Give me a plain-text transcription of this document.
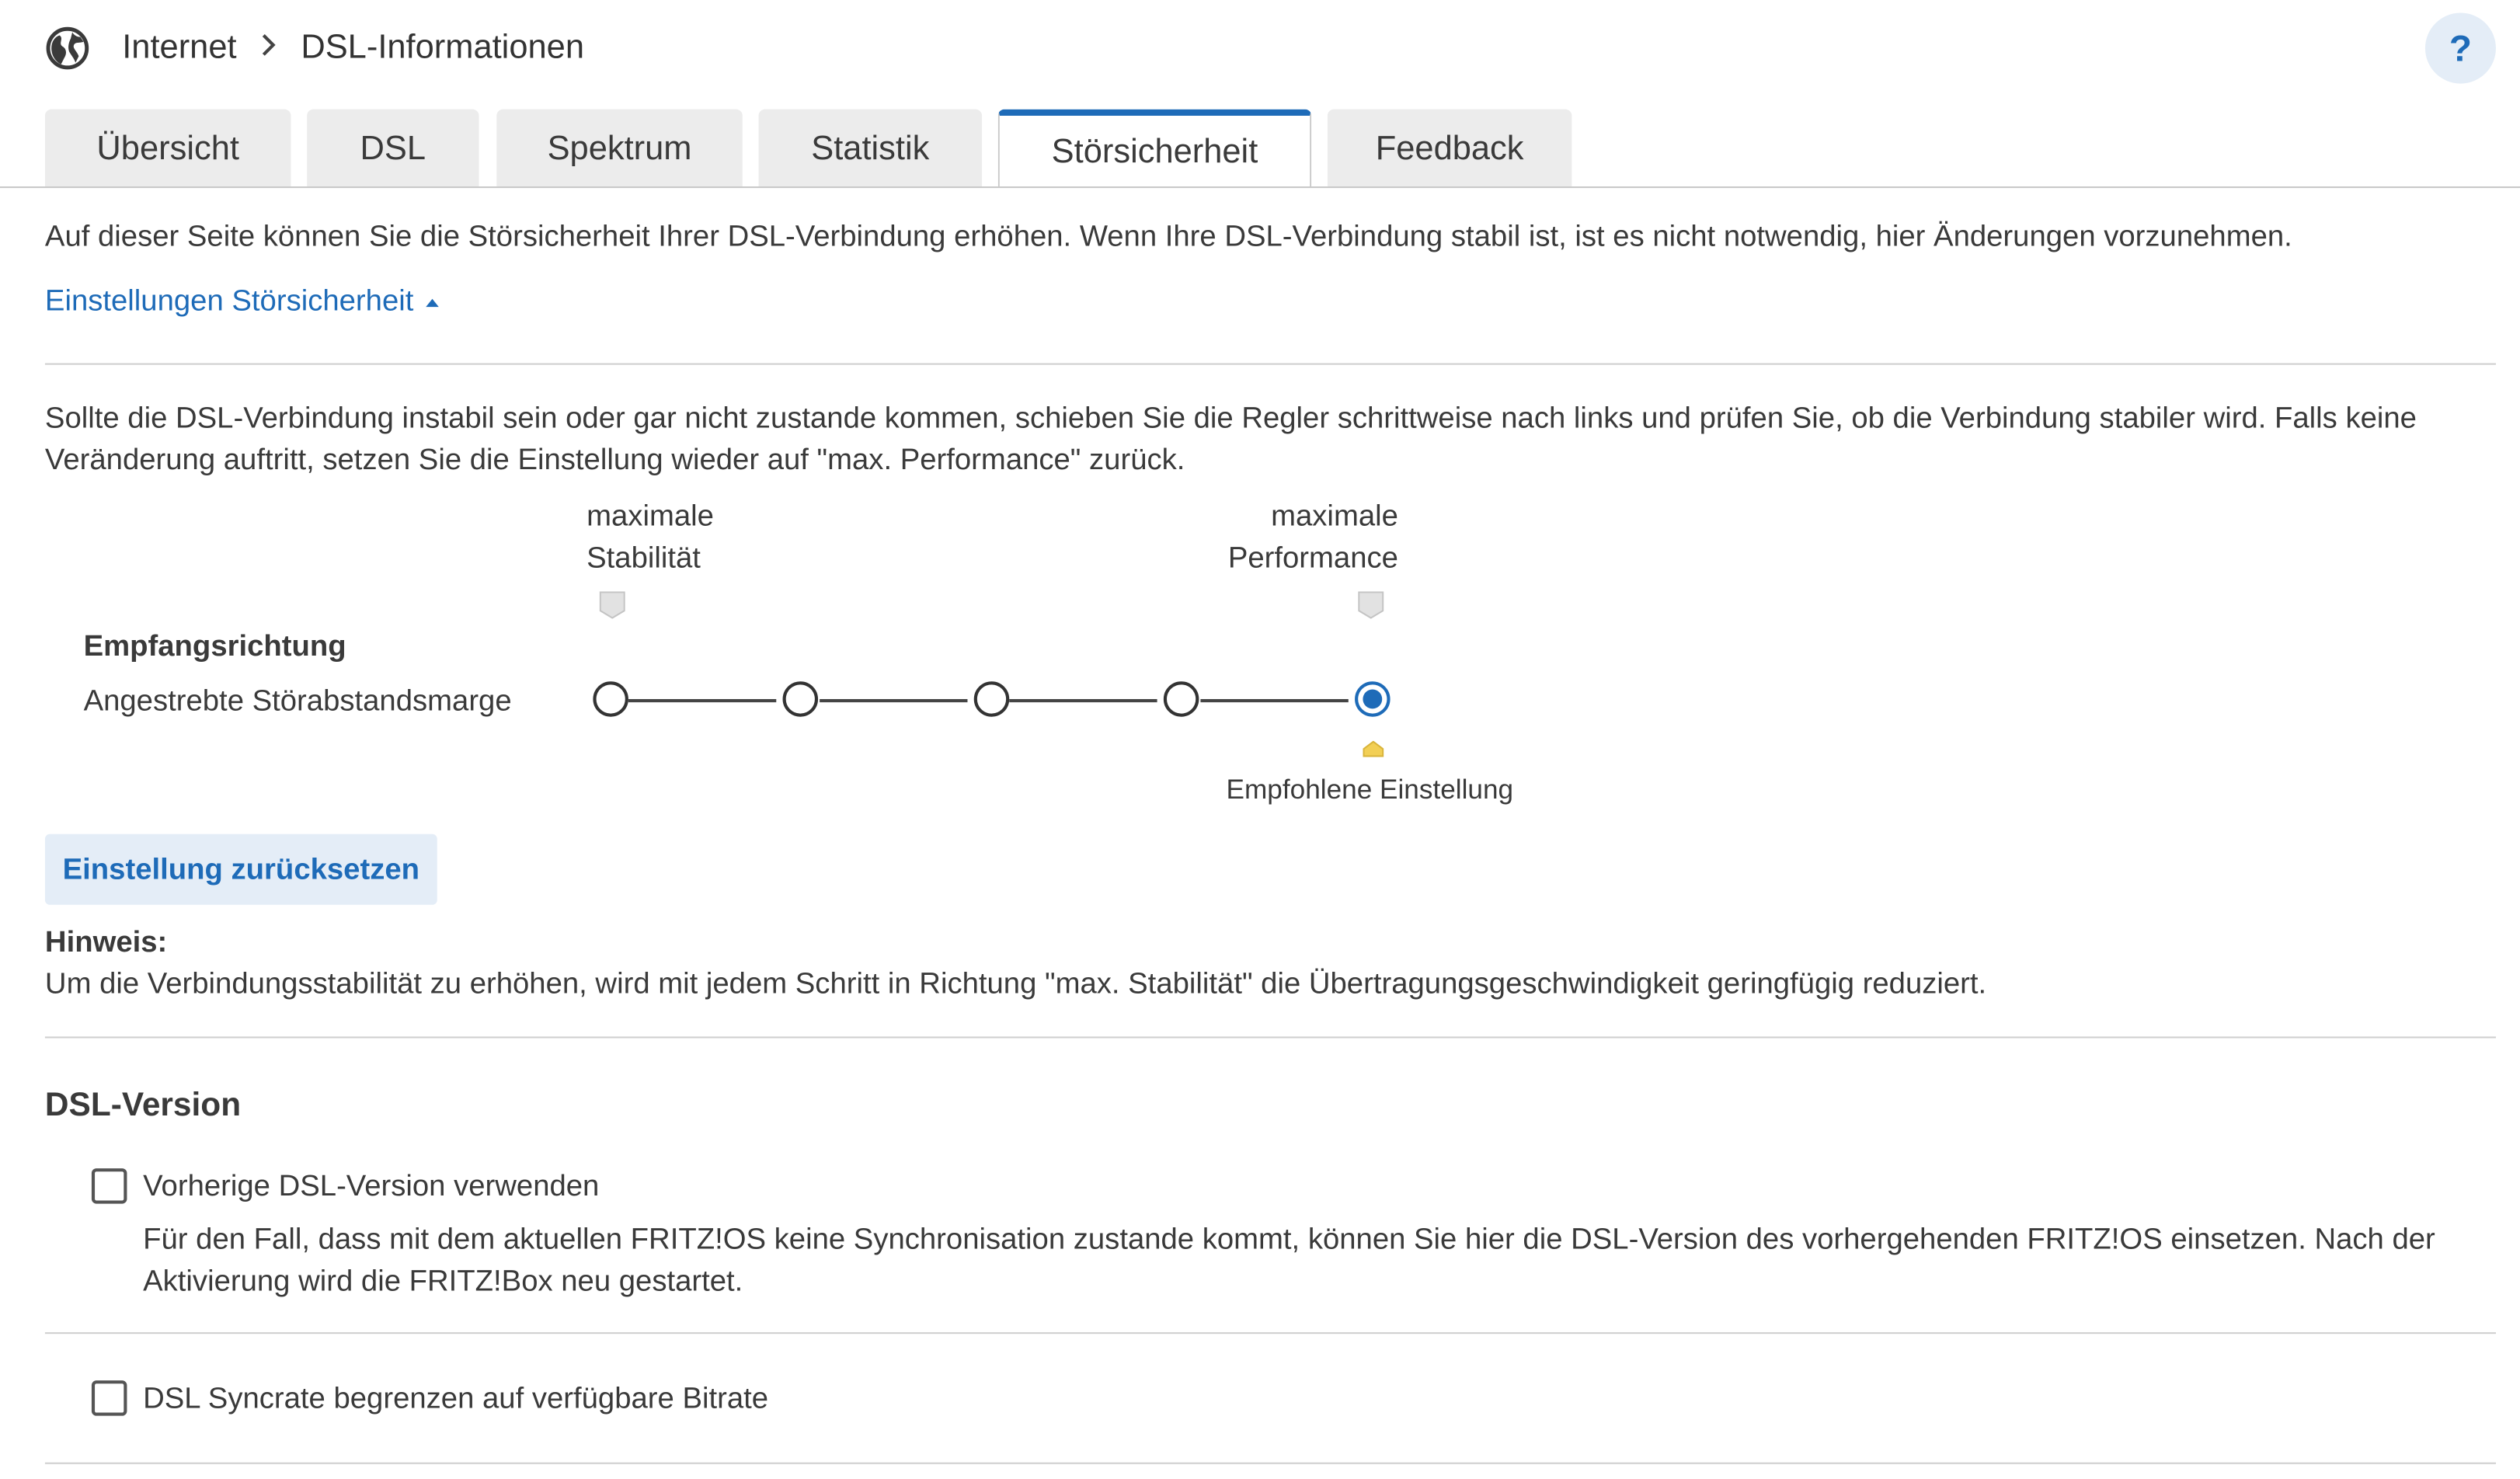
Internet	DSL-Informationen	?
Übersicht	DSL	Spektrum	Statistik	Störsicherheit	Feedback
Auf dieser Seite können Sie die Störsicherheit Ihrer DSL-Verbindung erhöhen. Wenn Ihre DSL-Verbindung stabil ist, ist es nicht notwendig, hier Änderungen vorzunehmen.
Einstellungen Störsicherheit
Sollte die DSL-Verbindung instabil sein oder gar nicht zustande kommen, schieben Sie die Regler schrittweise nach links und prüfen Sie, ob die Verbindung stabiler wird. Falls keine Veränderung auftritt, setzen Sie die Einstellung wieder auf "max. Performance" zurück.
maximale
Stabilität
maximale
Performance
Empfangsrichtung
Angestrebte Störabstandsmarge
Empfohlene Einstellung
Einstellung zurücksetzen
Hinweis:
Um die Verbindungsstabilität zu erhöhen, wird mit jedem Schritt in Richtung "max. Stabilität" die Übertragungsgeschwindigkeit geringfügig reduziert.
DSL-Version
Vorherige DSL-Version verwenden
Für den Fall, dass mit dem aktuellen FRITZ!OS keine Synchronisation zustande kommt, können Sie hier die DSL-Version des vorhergehenden FRITZ!OS einsetzen. Nach der Aktivierung wird die FRITZ!Box neu gestartet.
DSL Syncrate begrenzen auf verfügbare Bitrate
